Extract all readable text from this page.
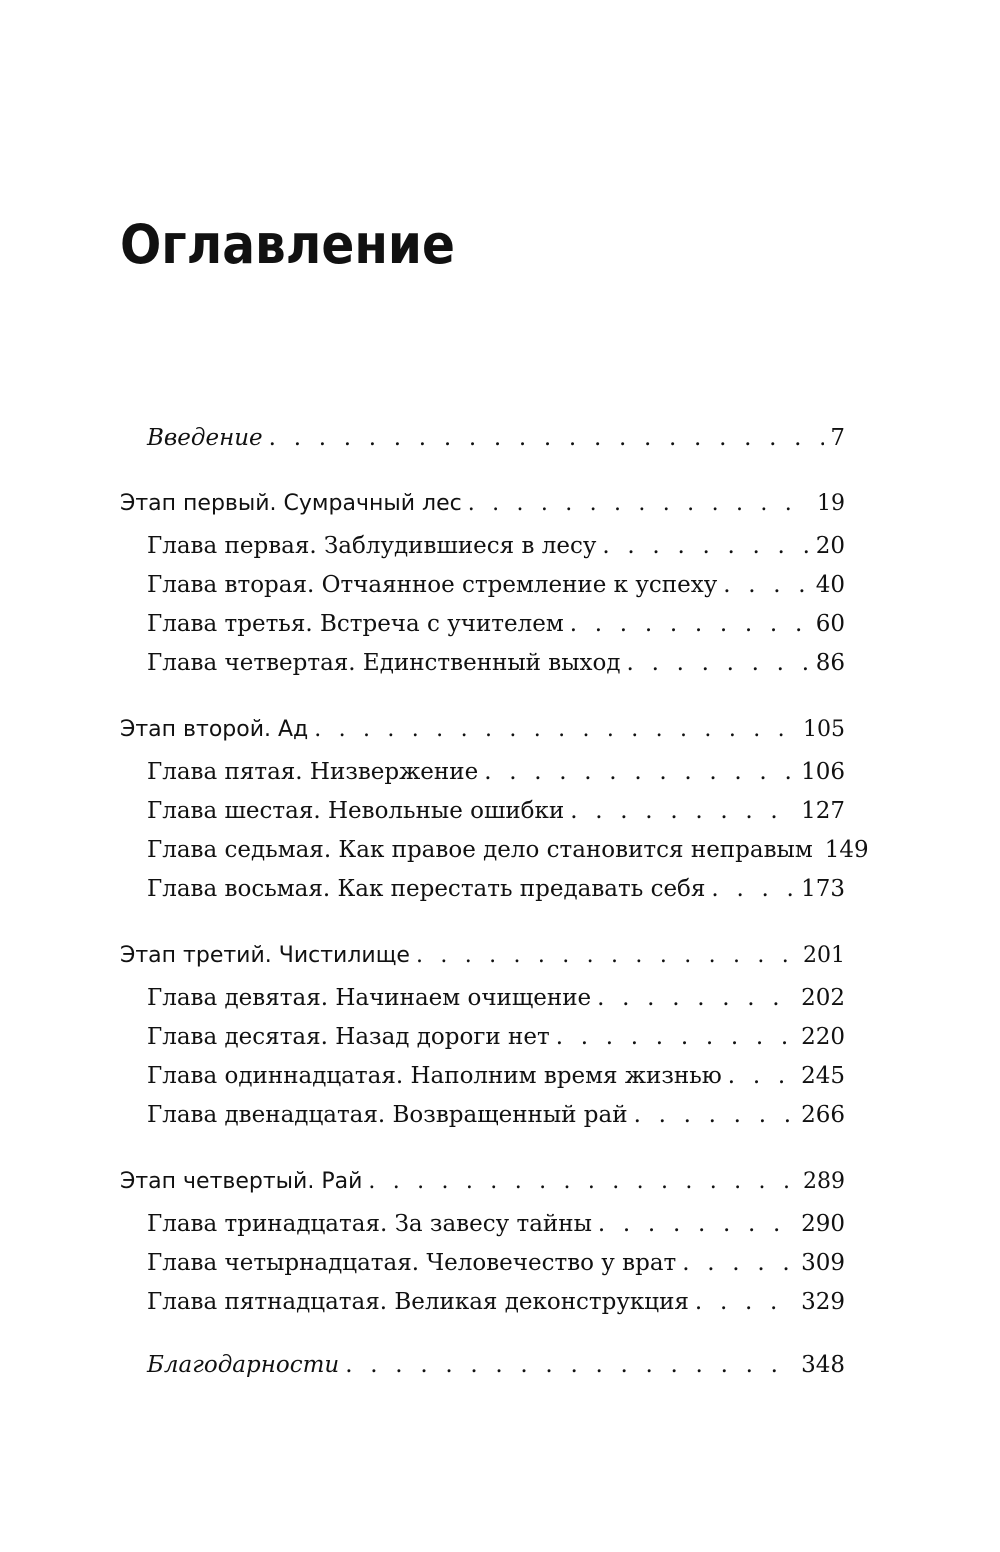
Оглавление
Введение . . .	7
Этап первый. Сумрачный лес . . .	19
Глава первая. Заблудившиеся в лесу . . .	20
Глава вторая. Отчаянное стремление к успеху . . .	40
Глава третья. Встреча с учителем . . .	60
Глава четвертая. Единственный выход . . .	86
Этап второй. Ад . . .	105
Глава пятая. Низвержение . . .	106
Глава шестая. Невольные ошибки . . .	127
Глава седьмая. Как правое дело становится неправым 149
Глава восьмая. Как перестать предавать себя . . .	173
Этап третий. Чистилище . . .	201
Глава девятая. Начинаем очищение . . .	202
Глава десятая. Назад дороги нет . . .	220
Глава одиннадцатая. Наполним время жизнью . . .	245
Глава двенадцатая. Возвращенный рай . . .	266
Этап четвертый. Рай . . .	289
Глава тринадцатая. За завесу тайны . . .	290
Глава четырнадцатая. Человечество у врат . . .	309
Глава пятнадцатая. Великая деконструкция . . .	329
Благодарности . . .	348
